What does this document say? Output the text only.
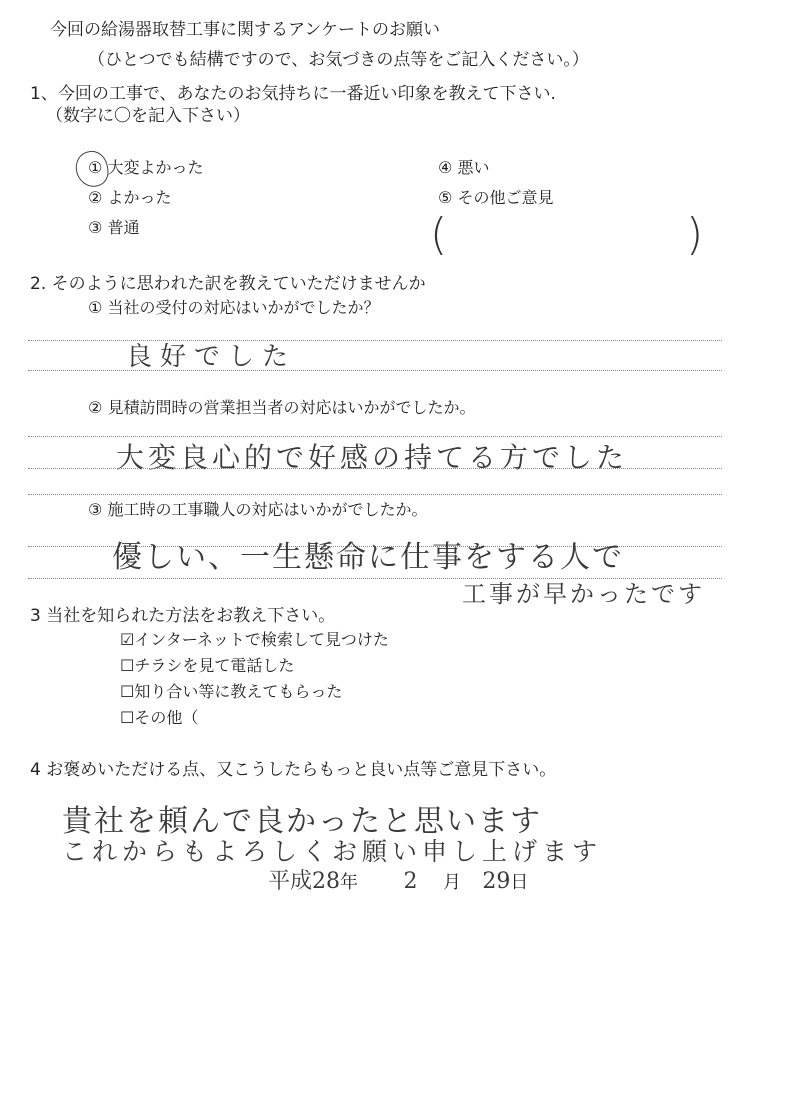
今回の給湯器取替工事に関するアンケートのお願い
（ひとつでも結構ですので、お気づきの点等をご記入ください。）
1、今回の工事で、あなたのお気持ちに一番近い印象を教えて下さい.
（数字に〇を記入下さい）
① 大変よかった
② よかった
③ 普通
④ 悪い
⑤ その他ご意見
(	)
2. そのように思われた訳を教えていただけませんか
① 当社の受付の対応はいかがでしたか？
良好でした
② 見積訪問時の営業担当者の対応はいかがでしたか。
大変良心的で好感の持てる方でした
③ 施工時の工事職人の対応はいかがでしたか。
優しい、一生懸命に仕事をする人で
工事が早かったです
3 当社を知られた方法をお教え下さい。
☑インターネットで検索して見つけた
☐チラシを見て電話した
☐知り合い等に教えてもらった
☐その他（
4 お褒めいただける点、又こうしたらもっと良い点等ご意見下さい。
貴社を頼んで良かったと思います
これからもよろしくお願い申し上げます
平成28年 2 月 29日
